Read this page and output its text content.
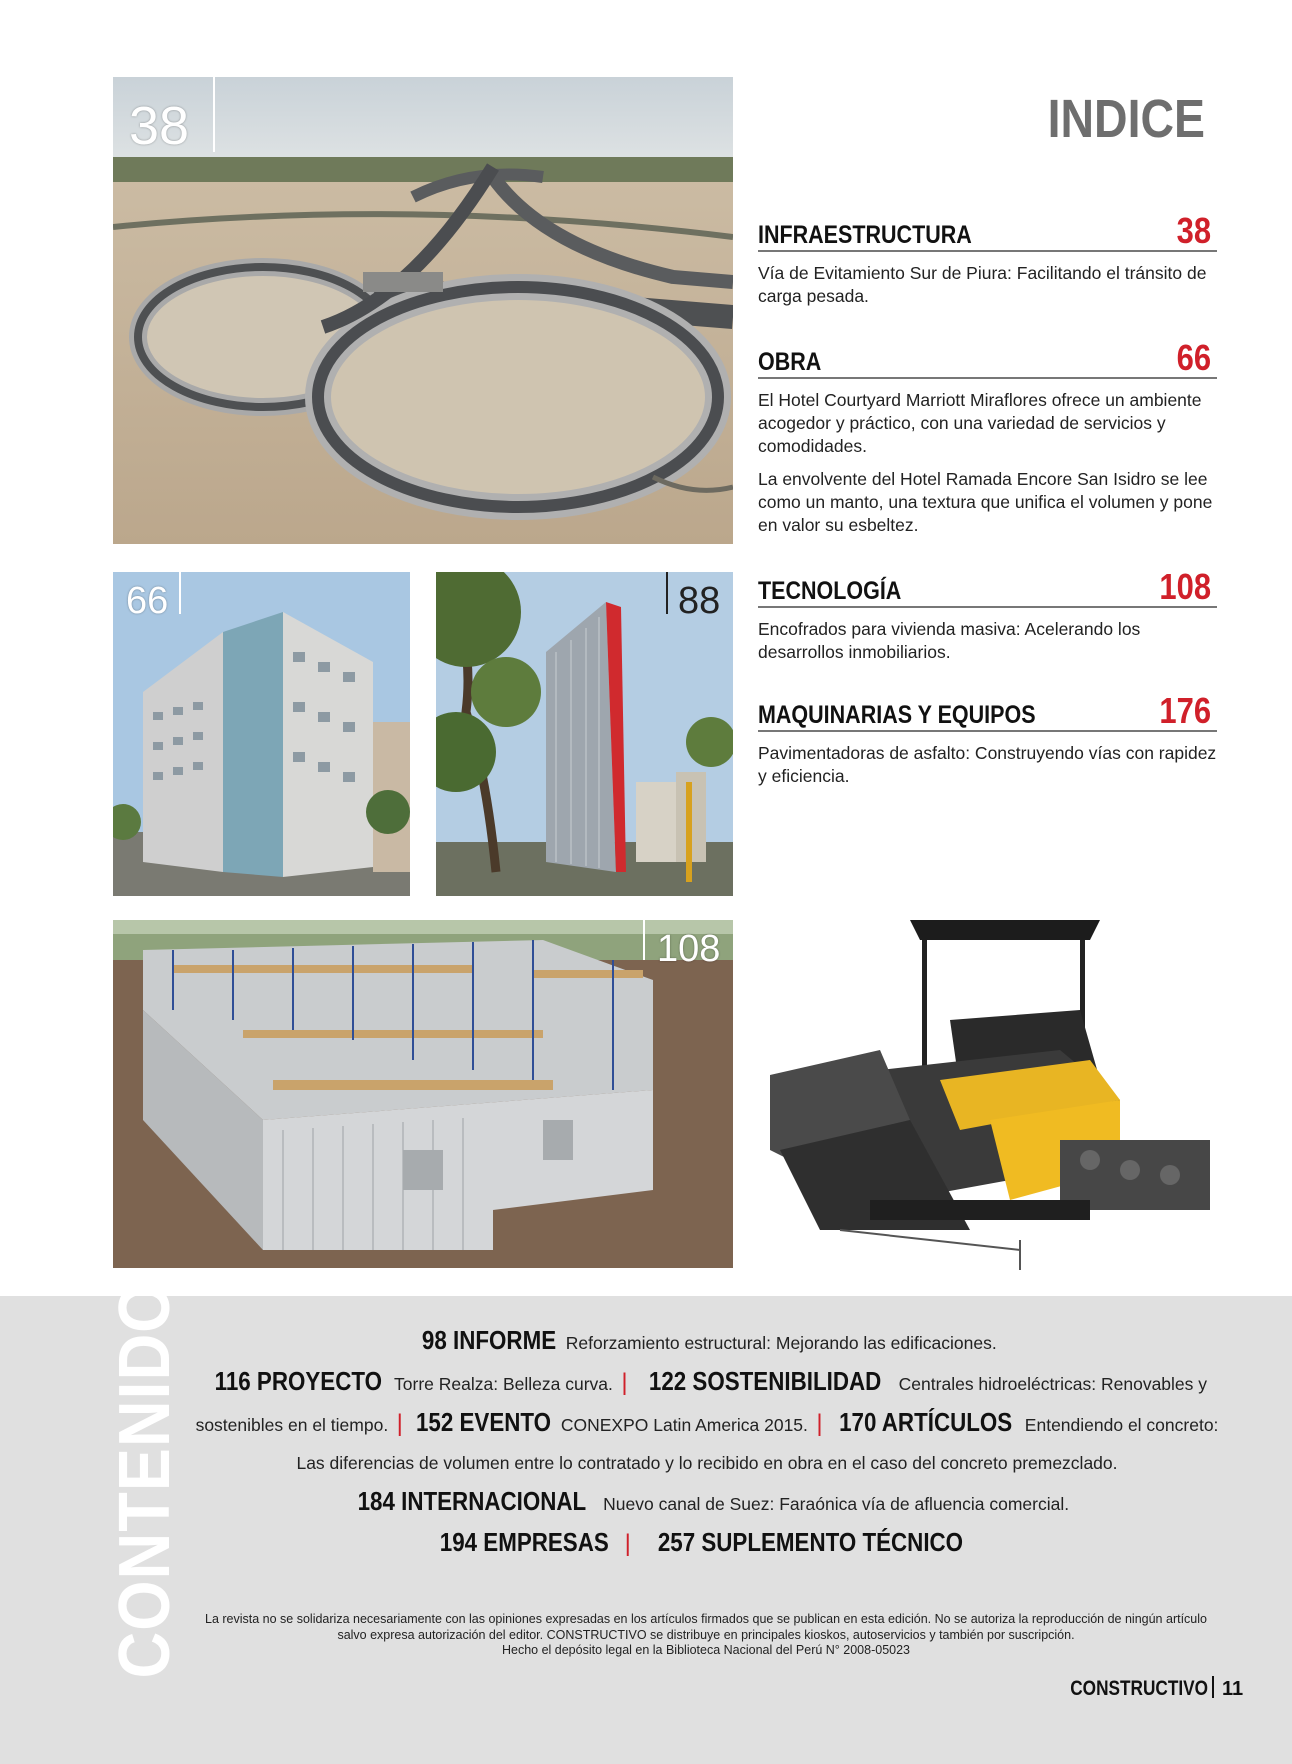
38
66	88
108
INDICE
INFRAESTRUCTURA	38

Vía de Evitamiento Sur de Piura: Facilitando el tránsito de carga pesada.

OBRA	66

El Hotel Courtyard Marriott Miraflores ofrece un ambiente acogedor y práctico, con una variedad de servicios y comodidades.

La envolvente del Hotel Ramada Encore San Isidro se lee como un manto, una textura que unifica el volumen y pone en valor su esbeltez.

TECNOLOGÍA	108

Encofrados para vivienda masiva: Acelerando los desarrollos inmobiliarios.

MAQUINARIAS Y EQUIPOS	176

Pavimentadoras de asfalto: Construyendo vías con rapidez y eficiencia.

CONTENIDO	98 INFORME Reforzamiento estructural: Mejorando las edificaciones.
116 PROYECTO Torre Realza: Belleza curva. | 122 SOSTENIBILIDAD Centrales hidroeléctricas: Renovables y sostenibles en el tiempo. | 152 EVENTO CONEXPO Latin America 2015. | 170 ARTÍCULOS Entendiendo el concreto: Las diferencias de volumen entre lo contratado y lo recibido en obra en el caso del concreto premezclado.
184 INTERNACIONAL Nuevo canal de Suez: Faraónica vía de afluencia comercial.
194 EMPRESAS | 257 SUPLEMENTO TÉCNICO
La revista no se solidariza necesariamente con las opiniones expresadas en los artículos firmados que se publican en esta edición. No se autoriza la reproducción de ningún artículo
salvo expresa autorización del editor. CONSTRUCTIVO se distribuye en principales kioskos, autoservicios y también por suscripción.
Hecho el depósito legal en la Biblioteca Nacional del Perú N° 2008-05023
CONSTRUCTIVO 11
